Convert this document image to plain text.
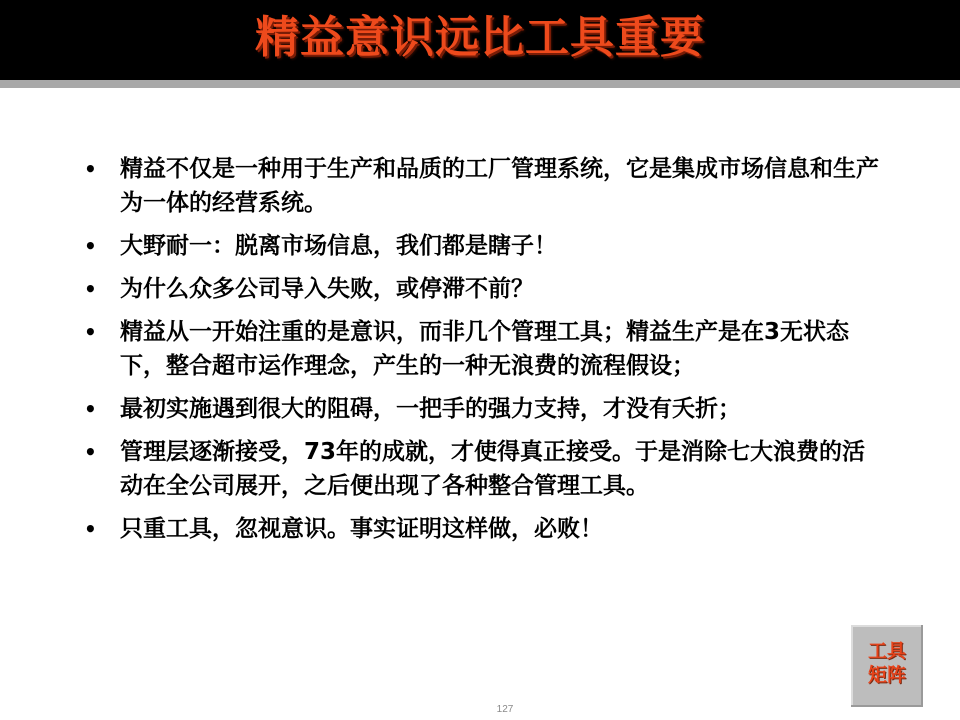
精益意识远比工具重要
•	精益不仅是一种用于生产和品质的工厂管理系统，它是集成市场信息和生产为一体的经营系统。
•	大野耐一：脱离市场信息，我们都是瞎子！
•	为什么众多公司导入失败，或停滞不前？
•	精益从一开始注重的是意识，而非几个管理工具；精益生产是在3无状态下，整合超市运作理念，产生的一种无浪费的流程假设；
•	最初实施遇到很大的阻碍，一把手的强力支持，才没有夭折；
•	管理层逐渐接受，73年的成就，才使得真正接受。于是消除七大浪费的活动在全公司展开，之后便出现了各种整合管理工具。
•	只重工具，忽视意识。事实证明这样做，必败！
工具
矩阵
127
